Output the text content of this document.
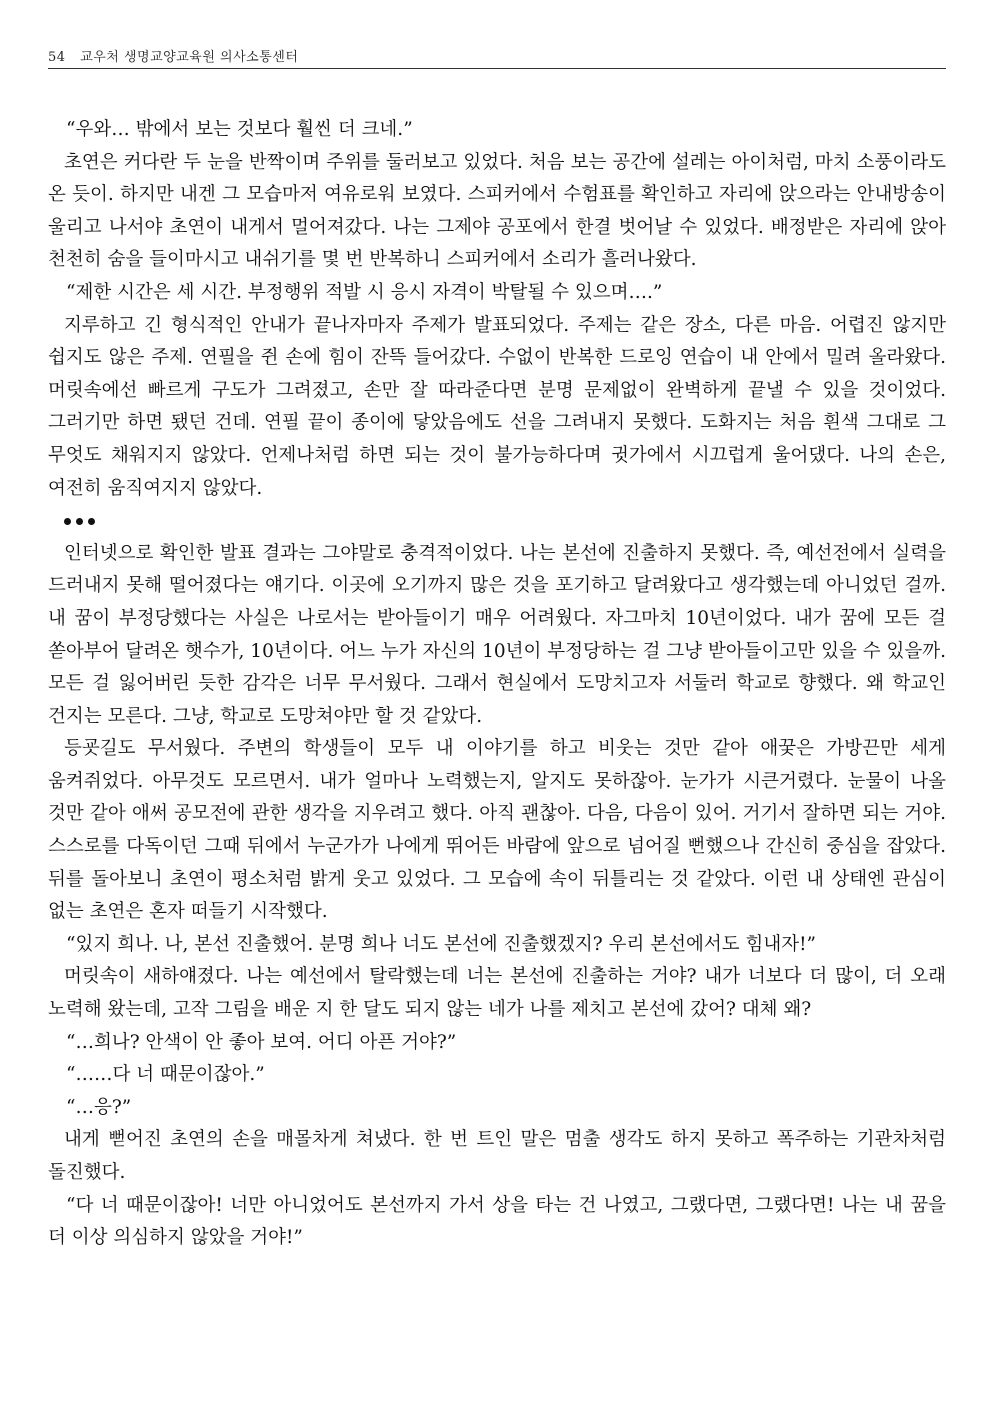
54 교우처 생명교양교육원 의사소통센터

“우와… 밖에서 보는 것보다 훨씬 더 크네.”

초연은 커다란 두 눈을 반짝이며 주위를 둘러보고 있었다. 처음 보는 공간에 설레는 아이처럼, 마치 소풍이라도 온 듯이. 하지만 내겐 그 모습마저 여유로워 보였다. 스피커에서 수험표를 확인하고 자리에 앉으라는 안내방송이 울리고 나서야 초연이 내게서 멀어져갔다. 나는 그제야 공포에서 한결 벗어날 수 있었다. 배정받은 자리에 앉아 천천히 숨을 들이마시고 내쉬기를 몇 번 반복하니 스피커에서 소리가 흘러나왔다.

“제한 시간은 세 시간. 부정행위 적발 시 응시 자격이 박탈될 수 있으며….”

지루하고 긴 형식적인 안내가 끝나자마자 주제가 발표되었다. 주제는 같은 장소, 다른 마음. 어렵진 않지만 쉽지도 않은 주제. 연필을 쥔 손에 힘이 잔뜩 들어갔다. 수없이 반복한 드로잉 연습이 내 안에서 밀려 올라왔다. 머릿속에선 빠르게 구도가 그려졌고, 손만 잘 따라준다면 분명 문제없이 완벽하게 끝낼 수 있을 것이었다. 그러기만 하면 됐던 건데. 연필 끝이 종이에 닿았음에도 선을 그려내지 못했다. 도화지는 처음 흰색 그대로 그 무엇도 채워지지 않았다. 언제나처럼 하면 되는 것이 불가능하다며 귓가에서 시끄럽게 울어댔다. 나의 손은, 여전히 움직여지지 않았다.

인터넷으로 확인한 발표 결과는 그야말로 충격적이었다. 나는 본선에 진출하지 못했다. 즉, 예선전에서 실력을 드러내지 못해 떨어졌다는 얘기다. 이곳에 오기까지 많은 것을 포기하고 달려왔다고 생각했는데 아니었던 걸까. 내 꿈이 부정당했다는 사실은 나로서는 받아들이기 매우 어려웠다. 자그마치 10년이었다. 내가 꿈에 모든 걸 쏟아부어 달려온 햇수가, 10년이다. 어느 누가 자신의 10년이 부정당하는 걸 그냥 받아들이고만 있을 수 있을까. 모든 걸 잃어버린 듯한 감각은 너무 무서웠다. 그래서 현실에서 도망치고자 서둘러 학교로 향했다. 왜 학교인 건지는 모른다. 그냥, 학교로 도망쳐야만 할 것 같았다.

등굣길도 무서웠다. 주변의 학생들이 모두 내 이야기를 하고 비웃는 것만 같아 애꿎은 가방끈만 세게 움켜쥐었다. 아무것도 모르면서. 내가 얼마나 노력했는지, 알지도 못하잖아. 눈가가 시큰거렸다. 눈물이 나올 것만 같아 애써 공모전에 관한 생각을 지우려고 했다. 아직 괜찮아. 다음, 다음이 있어. 거기서 잘하면 되는 거야. 스스로를 다독이던 그때 뒤에서 누군가가 나에게 뛰어든 바람에 앞으로 넘어질 뻔했으나 간신히 중심을 잡았다. 뒤를 돌아보니 초연이 평소처럼 밝게 웃고 있었다. 그 모습에 속이 뒤틀리는 것 같았다. 이런 내 상태엔 관심이 없는 초연은 혼자 떠들기 시작했다.

“있지 희나. 나, 본선 진출했어. 분명 희나 너도 본선에 진출했겠지? 우리 본선에서도 힘내자!”

머릿속이 새하얘졌다. 나는 예선에서 탈락했는데 너는 본선에 진출하는 거야? 내가 너보다 더 많이, 더 오래 노력해 왔는데, 고작 그림을 배운 지 한 달도 되지 않는 네가 나를 제치고 본선에 갔어? 대체 왜?

“…희나? 안색이 안 좋아 보여. 어디 아픈 거야?”

“……다 너 때문이잖아.”

“…응?”

내게 뻗어진 초연의 손을 매몰차게 쳐냈다. 한 번 트인 말은 멈출 생각도 하지 못하고 폭주하는 기관차처럼 돌진했다.

“다 너 때문이잖아! 너만 아니었어도 본선까지 가서 상을 타는 건 나였고, 그랬다면, 그랬다면! 나는 내 꿈을 더 이상 의심하지 않았을 거야!”
